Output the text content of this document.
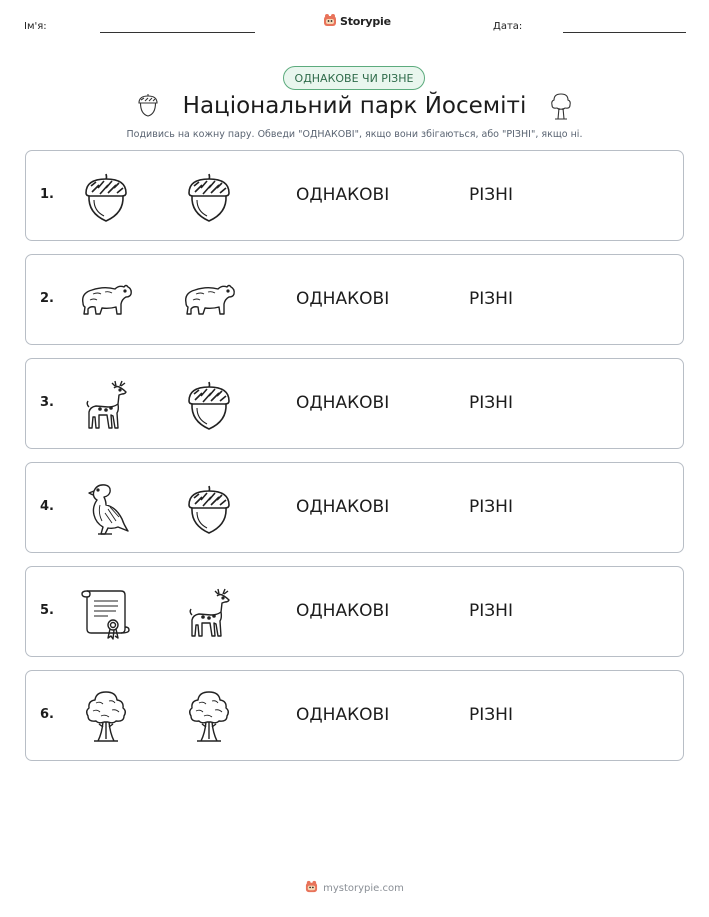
Ім'я:	Storypie	Дата:
ОДНАКОВЕ ЧИ РІЗНЕ
Національний парк Йосеміті
Подивись на кожну пару. Обведи "ОДНАКОВІ", якщо вони збігаються, або "РІЗНІ", якщо ні.
1.	ОДНАКОВІ	РІЗНІ
2.	ОДНАКОВІ	РІЗНІ
3.	ОДНАКОВІ	РІЗНІ
4.	ОДНАКОВІ	РІЗНІ
5.	ОДНАКОВІ	РІЗНІ
6.	ОДНАКОВІ	РІЗНІ
mystorypie.com
